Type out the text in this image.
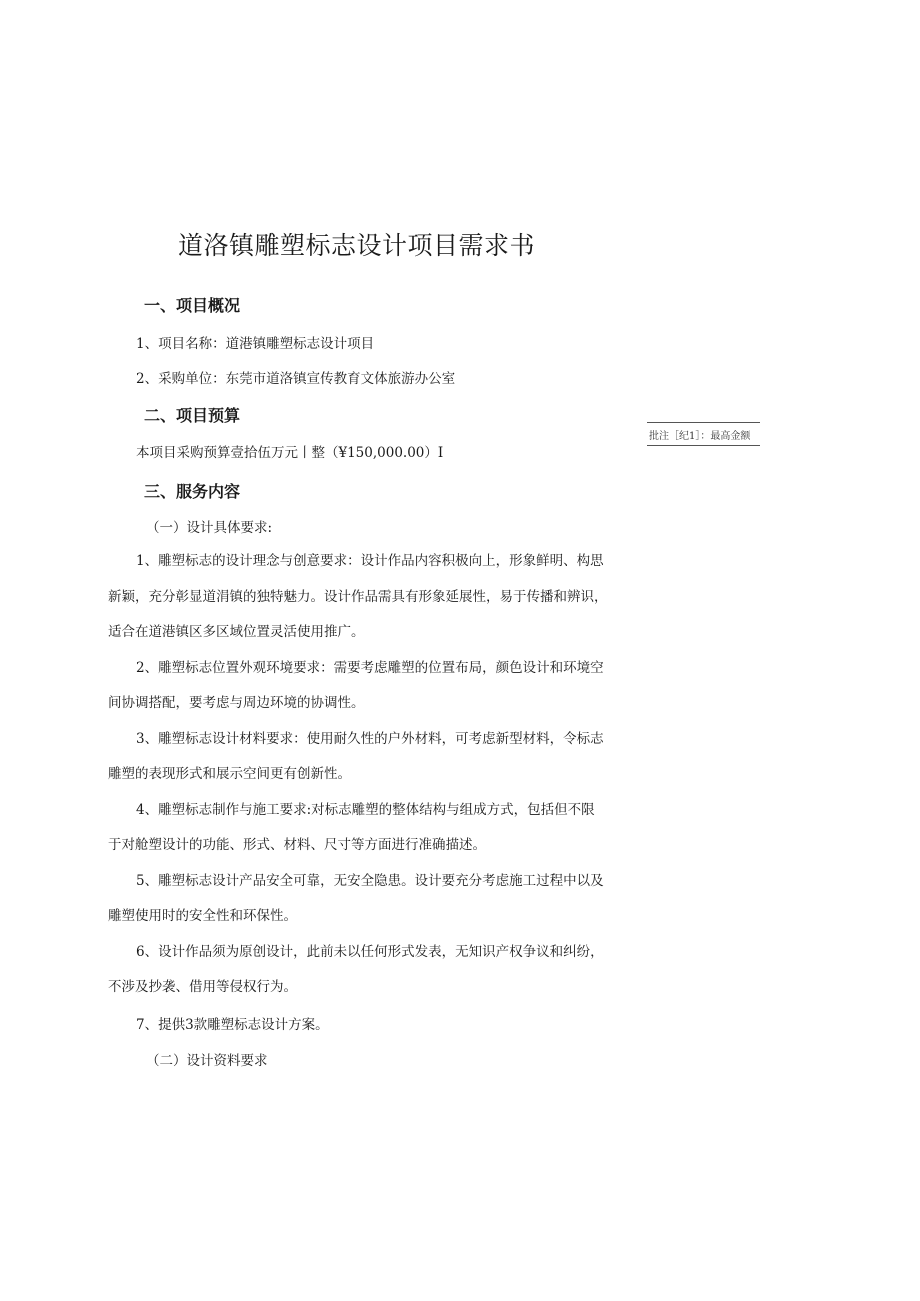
道洛镇雕塑标志设计项目需求书
一、项目概况
1、项目名称：道港镇雕塑标志设计项目
2、采购单位：东莞市道洛镇宣传教育文体旅游办公室
二、项目预算
本项目采购预算壹拾伍万元丨整（¥150,000.00）I
批注［纪1］：最高金额
三、服务内容
（一）设计具体要求:
1、雕塑标志的设计理念与创意要求：设计作品内容积极向上，形象鲜明、构思
新颖，充分彰显道涓镇的独特魅力。设计作品需具有形象延展性，易于传播和辨识，
适合在道港镇区多区域位置灵活使用推广。
2、雕塑标志位置外观环境要求：需要考虑雕塑的位置布局，颜色设计和环境空
间协调搭配，要考虑与周边环境的协调性。
3、雕塑标志设计材料要求：使用耐久性的户外材料，可考虑新型材料，令标志
雕塑的表现形式和展示空间更有创新性。
4、雕塑标志制作与施工要求:对标志雕塑的整体结构与组成方式，包括但不限
于对舱塑设计的功能、形式、材料、尺寸等方面进行准确描述。
5、雕塑标志设计产品安全可靠，无安全隐患。设计要充分考虑施工过程中以及
雕塑使用时的安全性和环保性。
6、设计作品须为原创设计，此前未以任何形式发表，无知识产权争议和纠纷，
不涉及抄袭、借用等侵权行为。
7、提供3款雕塑标志设计方案。
（二）设计资料要求
